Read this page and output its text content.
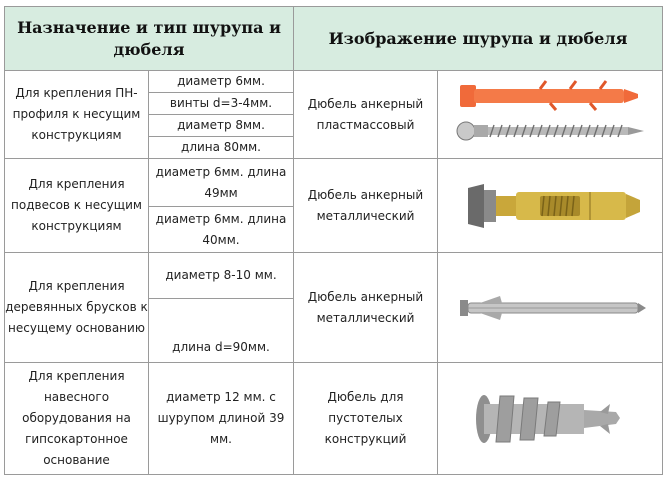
Назначение и тип шурупа и дюбеля		Изображение шурупа и дюбеля	
Для крепления ПН-профиля к несущим конструкциям	диаметр 6мм.	Дюбель анкерный пластмассовый	

	винты d=3-4мм.		
	диаметр 8мм.		
	длина 80мм.		
Для крепления подвесов к несущим конструкциям	диаметр 6мм. длина 49мм	Дюбель анкерный металлический	

	диаметр 6мм. длина 40мм.		
Для крепления деревянных брусков к несущему основанию	диаметр 8-10 мм.	Дюбель анкерный металлический	

	длина d=90мм.		
Для крепления навесного оборудования на гипсокартонное основание	диаметр 12 мм. с шурупом длиной 39 мм.	Дюбель для пустотелых конструкций	
